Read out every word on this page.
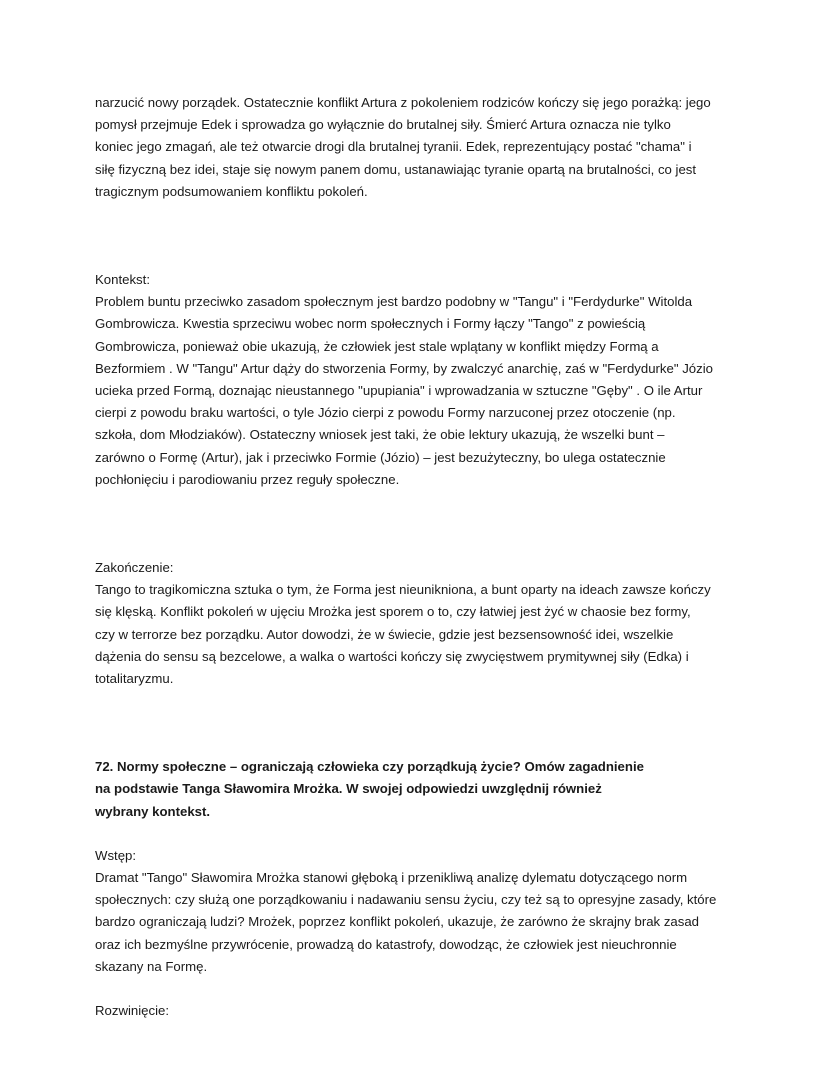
narzucić nowy porządek. Ostatecznie konflikt Artura z pokoleniem rodziców kończy się jego porażką: jego

pomysł przejmuje Edek i sprowadza go wyłącznie do brutalnej siły. Śmierć Artura oznacza nie tylko

koniec jego zmagań, ale też otwarcie drogi dla brutalnej tyranii. Edek, reprezentujący postać "chama" i

siłę fizyczną bez idei, staje się nowym panem domu, ustanawiając tyranie opartą na brutalności, co jest

tragicznym podsumowaniem konfliktu pokoleń.

Kontekst:

Problem buntu przeciwko zasadom społecznym jest bardzo podobny w "Tangu" i "Ferdydurke" Witolda

Gombrowicza. Kwestia sprzeciwu wobec norm społecznych i Formy łączy "Tango" z powieścią

Gombrowicza, ponieważ obie ukazują, że człowiek jest stale wplątany w konflikt między Formą a

Bezformiem . W "Tangu" Artur dąży do stworzenia Formy, by zwalczyć anarchię, zaś w "Ferdydurke" Józio

ucieka przed Formą, doznając nieustannego "upupiania" i wprowadzania w sztuczne "Gęby" . O ile Artur

cierpi z powodu braku wartości, o tyle Józio cierpi z powodu Formy narzuconej przez otoczenie (np.

szkoła, dom Młodziaków). Ostateczny wniosek jest taki, że obie lektury ukazują, że wszelki bunt –

zarówno o Formę (Artur), jak i przeciwko Formie (Józio) – jest bezużyteczny, bo ulega ostatecznie

pochłonięciu i parodiowaniu przez reguły społeczne.

Zakończenie:

Tango to tragikomiczna sztuka o tym, że Forma jest nieunikniona, a bunt oparty na ideach zawsze kończy

się klęską. Konflikt pokoleń w ujęciu Mrożka jest sporem o to, czy łatwiej jest żyć w chaosie bez formy,

czy w terrorze bez porządku. Autor dowodzi, że w świecie, gdzie jest bezsensowność idei, wszelkie

dążenia do sensu są bezcelowe, a walka o wartości kończy się zwycięstwem prymitywnej siły (Edka) i

totalitaryzmu.

72. Normy społeczne – ograniczają człowieka czy porządkują życie? Omów zagadnienie

na podstawie Tanga Sławomira Mrożka. W swojej odpowiedzi uwzględnij również

wybrany kontekst.

Wstęp:

Dramat "Tango" Sławomira Mrożka stanowi głęboką i przenikliwą analizę dylematu dotyczącego norm

społecznych: czy służą one porządkowaniu i nadawaniu sensu życiu, czy też są to opresyjne zasady, które

bardzo ograniczają ludzi? Mrożek, poprzez konflikt pokoleń, ukazuje, że zarówno że skrajny brak zasad

oraz ich bezmyślne przywrócenie, prowadzą do katastrofy, dowodząc, że człowiek jest nieuchronnie

skazany na Formę.

Rozwinięcie:
